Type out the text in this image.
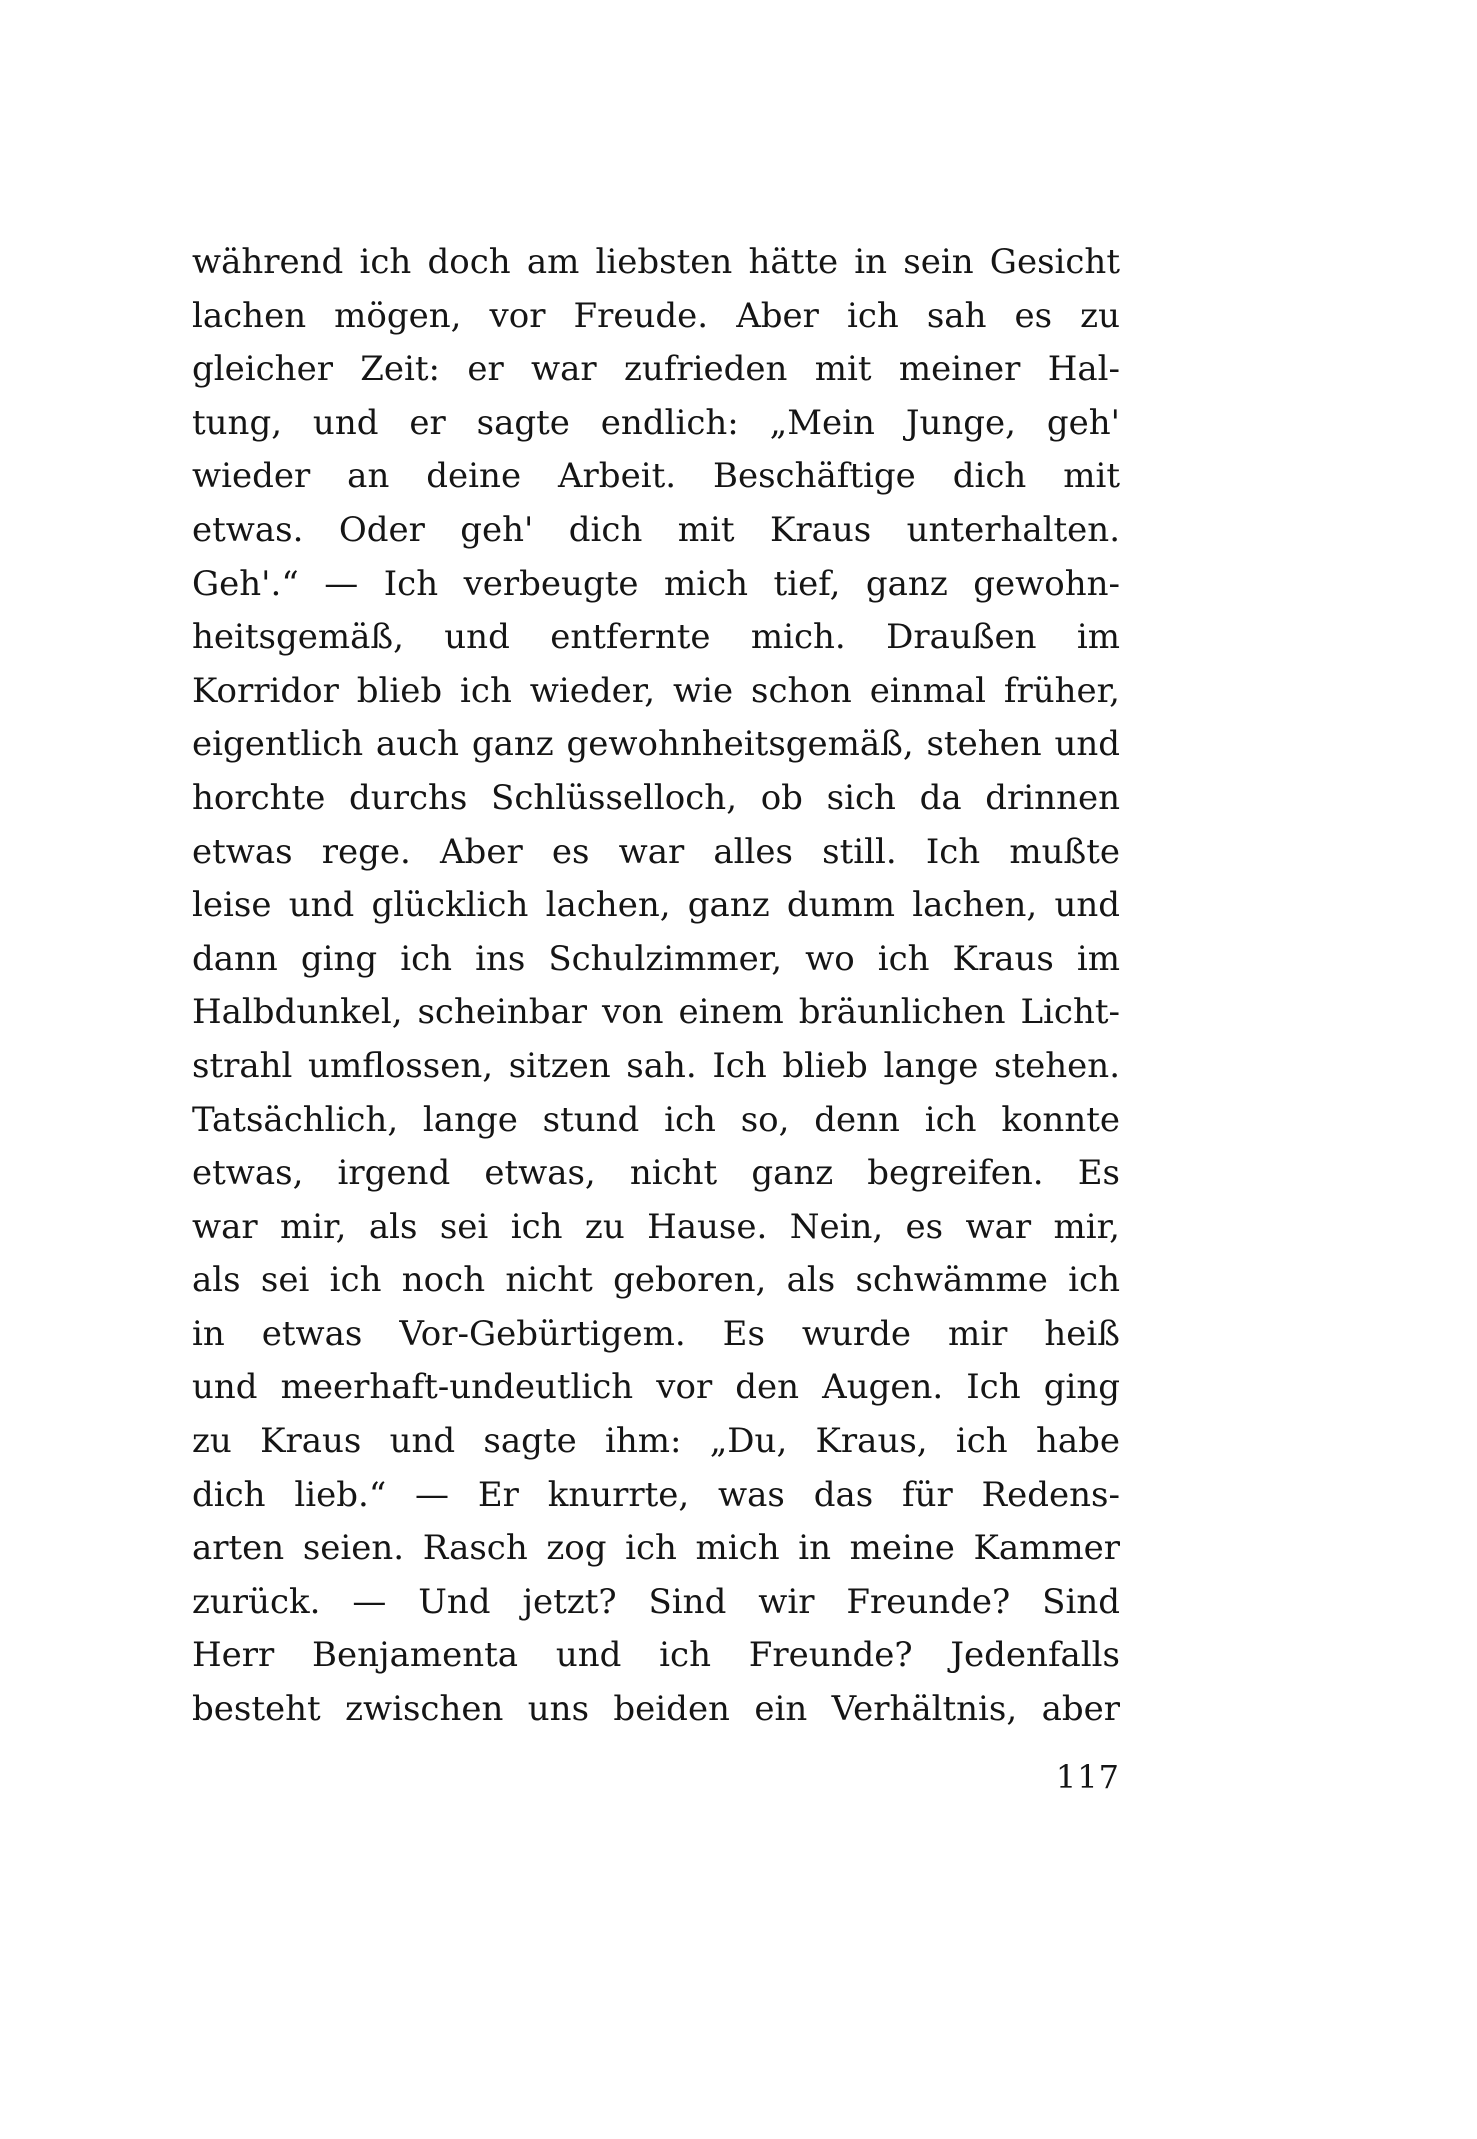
während ich doch am liebsten hätte in sein Gesicht
lachen mögen, vor Freude. Aber ich sah es zu
gleicher Zeit: er war zufrieden mit meiner Hal-
tung, und er sagte endlich: „Mein Junge, geh'
wieder an deine Arbeit. Beschäftige dich mit
etwas. Oder geh' dich mit Kraus unterhalten.
Geh'.“ — Ich verbeugte mich tief, ganz gewohn-
heitsgemäß, und entfernte mich. Draußen im
Korridor blieb ich wieder, wie schon einmal früher,
eigentlich auch ganz gewohnheitsgemäß, stehen und
horchte durchs Schlüsselloch, ob sich da drinnen
etwas rege. Aber es war alles still. Ich mußte
leise und glücklich lachen, ganz dumm lachen, und
dann ging ich ins Schulzimmer, wo ich Kraus im
Halbdunkel, scheinbar von einem bräunlichen Licht-
strahl umflossen, sitzen sah. Ich blieb lange stehen.
Tatsächlich, lange stund ich so, denn ich konnte
etwas, irgend etwas, nicht ganz begreifen. Es
war mir, als sei ich zu Hause. Nein, es war mir,
als sei ich noch nicht geboren, als schwämme ich
in etwas Vor-Gebürtigem. Es wurde mir heiß
und meerhaft-undeutlich vor den Augen. Ich ging
zu Kraus und sagte ihm: „Du, Kraus, ich habe
dich lieb.“ — Er knurrte, was das für Redens-
arten seien. Rasch zog ich mich in meine Kammer
zurück. — Und jetzt? Sind wir Freunde? Sind
Herr Benjamenta und ich Freunde? Jedenfalls
besteht zwischen uns beiden ein Verhältnis, aber
117
